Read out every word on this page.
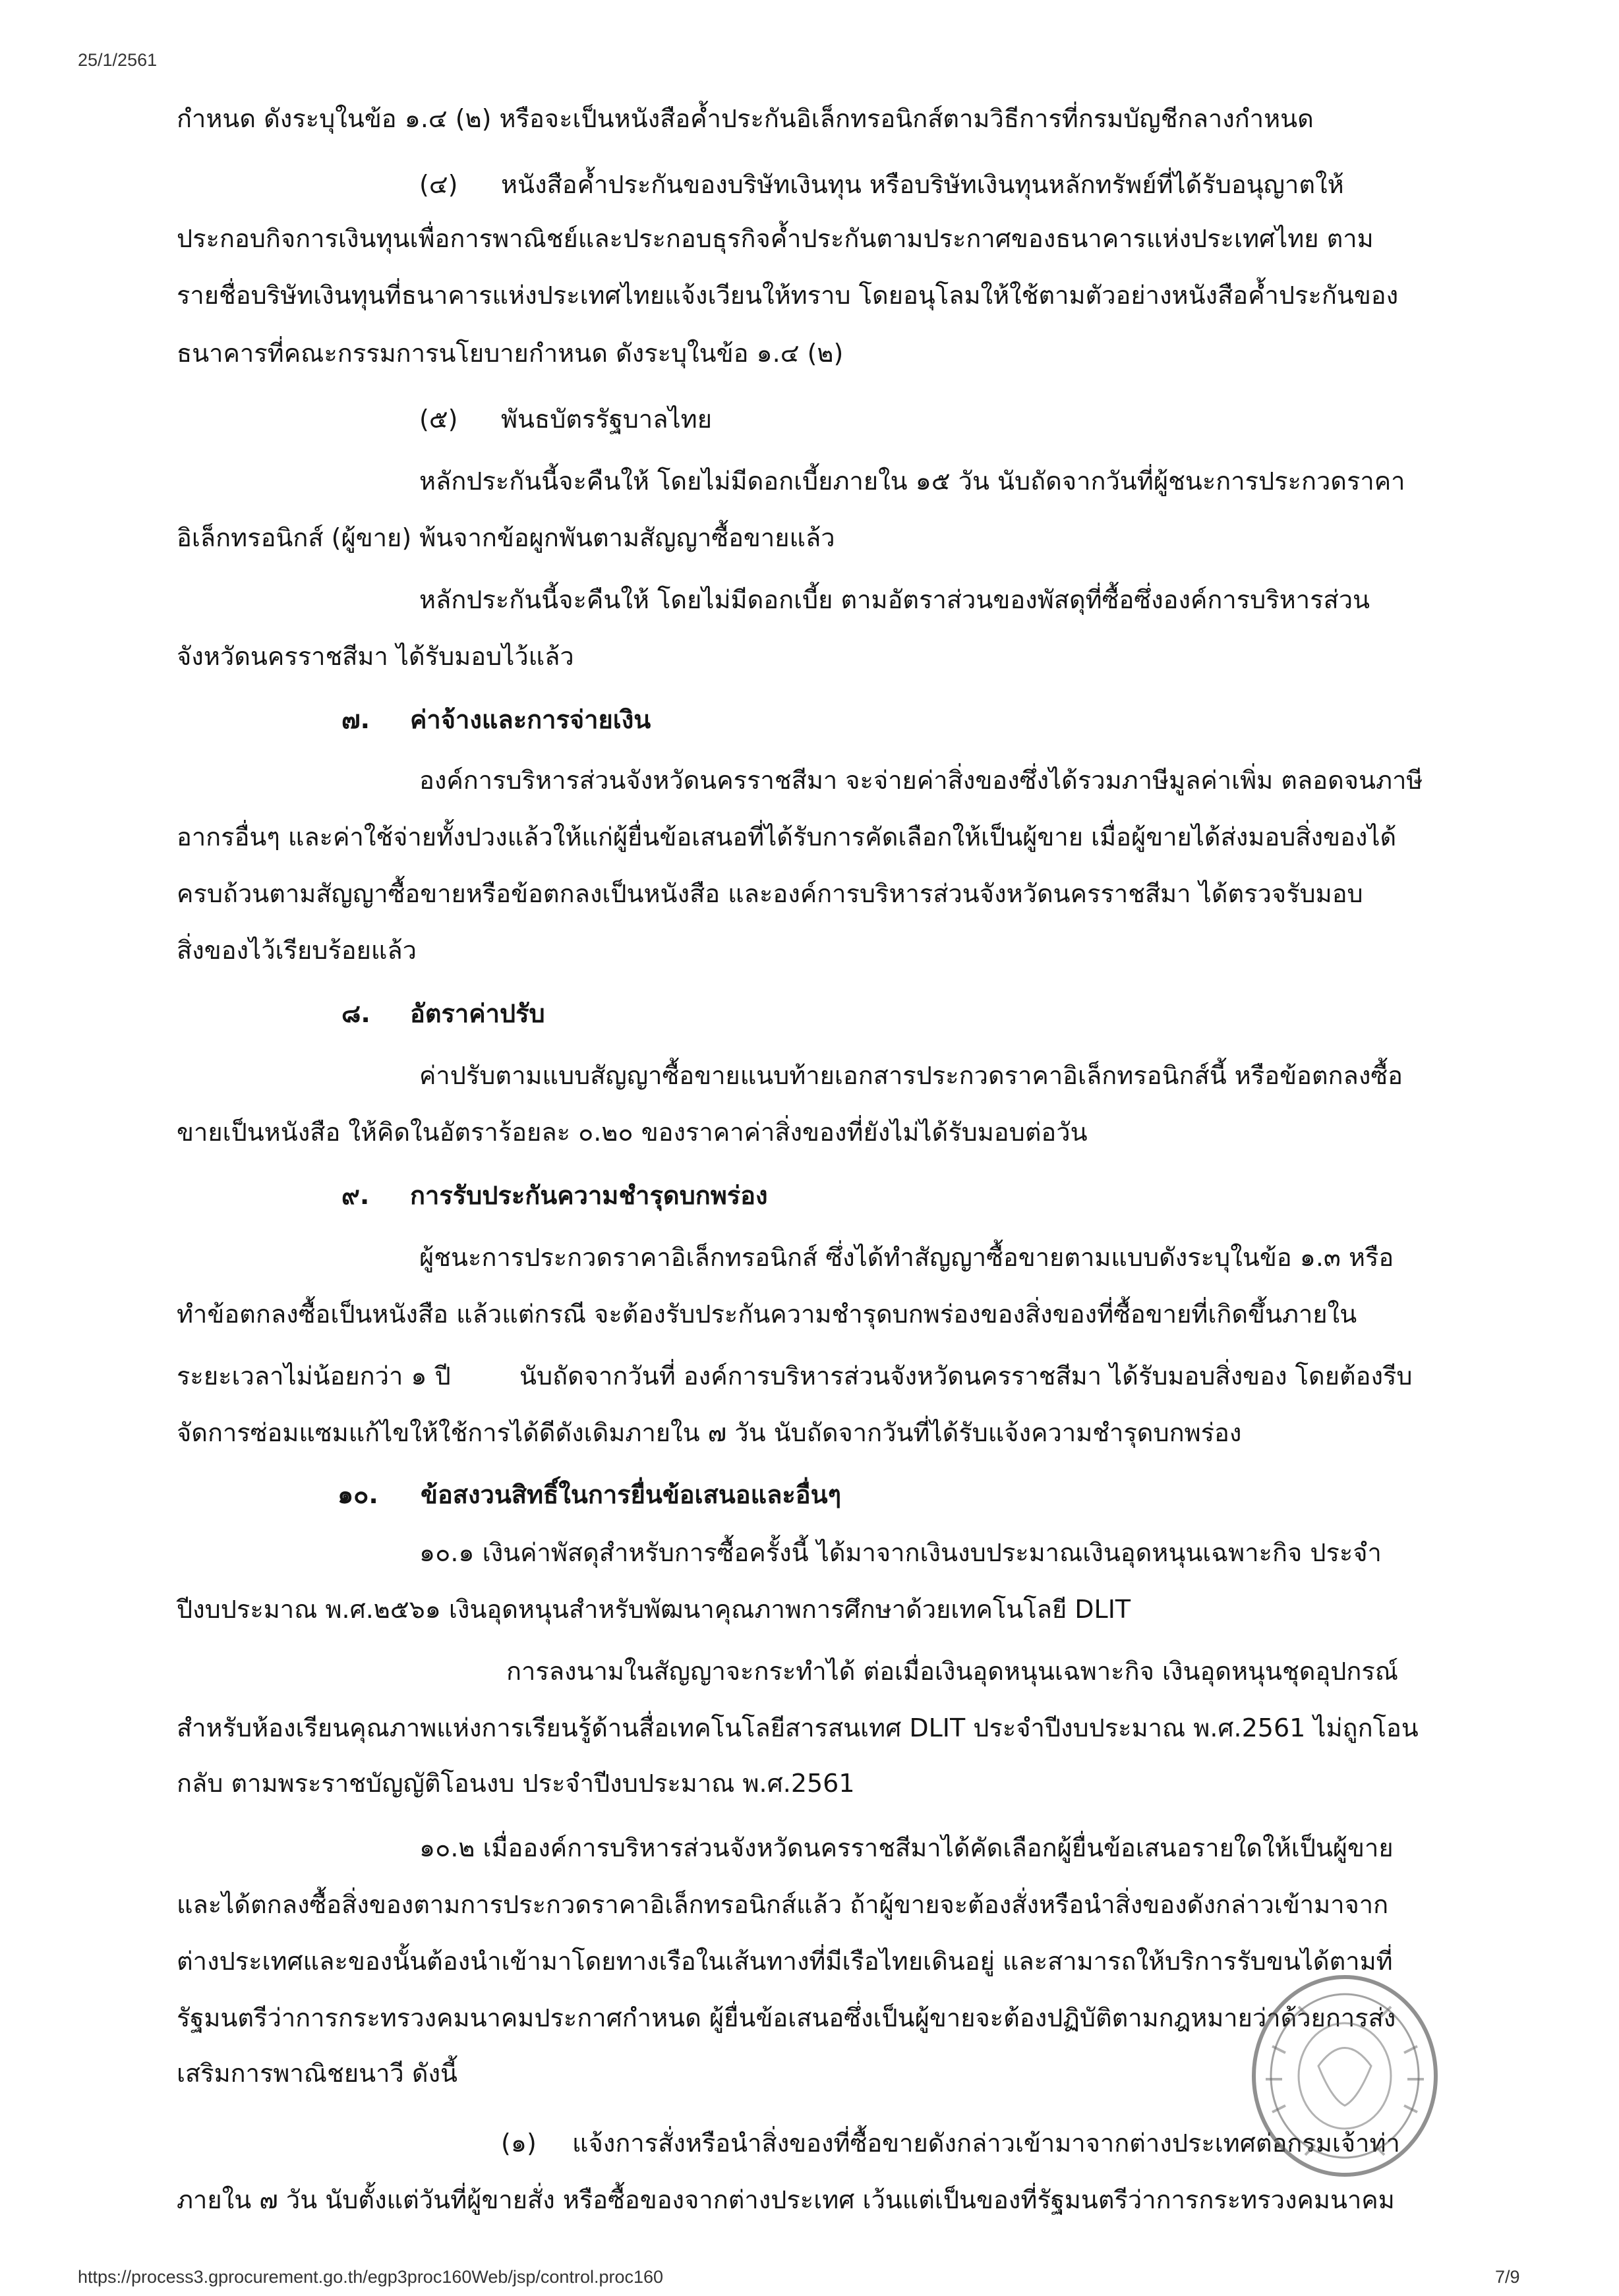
25/1/2561
https://process3.gprocurement.go.th/egp3proc160Web/jsp/control.proc160	7/9
กำหนด ดังระบุในข้อ ๑.๔ (๒) หรือจะเป็นหนังสือค้ำประกันอิเล็กทรอนิกส์ตามวิธีการที่กรมบัญชีกลางกำหนด
(๔) หนังสือค้ำประกันของบริษัทเงินทุน หรือบริษัทเงินทุนหลักทรัพย์ที่ได้รับอนุญาตให้
ประกอบกิจการเงินทุนเพื่อการพาณิชย์และประกอบธุรกิจค้ำประกันตามประกาศของธนาคารแห่งประเทศไทย ตาม
รายชื่อบริษัทเงินทุนที่ธนาคารแห่งประเทศไทยแจ้งเวียนให้ทราบ โดยอนุโลมให้ใช้ตามตัวอย่างหนังสือค้ำประกันของ
ธนาคารที่คณะกรรมการนโยบายกำหนด ดังระบุในข้อ ๑.๔ (๒)
(๕) พันธบัตรรัฐบาลไทย
หลักประกันนี้จะคืนให้ โดยไม่มีดอกเบี้ยภายใน ๑๕ วัน นับถัดจากวันที่ผู้ชนะการประกวดราคา
อิเล็กทรอนิกส์ (ผู้ขาย) พ้นจากข้อผูกพันตามสัญญาซื้อขายแล้ว
หลักประกันนี้จะคืนให้ โดยไม่มีดอกเบี้ย ตามอัตราส่วนของพัสดุที่ซื้อซึ่งองค์การบริหารส่วน
จังหวัดนครราชสีมา ได้รับมอบไว้แล้ว
๗. ค่าจ้างและการจ่ายเงิน
องค์การบริหารส่วนจังหวัดนครราชสีมา จะจ่ายค่าสิ่งของซึ่งได้รวมภาษีมูลค่าเพิ่ม ตลอดจนภาษี
อากรอื่นๆ และค่าใช้จ่ายทั้งปวงแล้วให้แก่ผู้ยื่นข้อเสนอที่ได้รับการคัดเลือกให้เป็นผู้ขาย เมื่อผู้ขายได้ส่งมอบสิ่งของได้
ครบถ้วนตามสัญญาซื้อขายหรือข้อตกลงเป็นหนังสือ และองค์การบริหารส่วนจังหวัดนครราชสีมา ได้ตรวจรับมอบ
สิ่งของไว้เรียบร้อยแล้ว
๘. อัตราค่าปรับ
ค่าปรับตามแบบสัญญาซื้อขายแนบท้ายเอกสารประกวดราคาอิเล็กทรอนิกส์นี้ หรือข้อตกลงซื้อ
ขายเป็นหนังสือ ให้คิดในอัตราร้อยละ ๐.๒๐ ของราคาค่าสิ่งของที่ยังไม่ได้รับมอบต่อวัน
๙. การรับประกันความชำรุดบกพร่อง
ผู้ชนะการประกวดราคาอิเล็กทรอนิกส์ ซึ่งได้ทำสัญญาซื้อขายตามแบบดังระบุในข้อ ๑.๓ หรือ
ทำข้อตกลงซื้อเป็นหนังสือ แล้วแต่กรณี จะต้องรับประกันความชำรุดบกพร่องของสิ่งของที่ซื้อขายที่เกิดขึ้นภายใน
ระยะเวลาไม่น้อยกว่า ๑ ปี	นับถัดจากวันที่ องค์การบริหารส่วนจังหวัดนครราชสีมา ได้รับมอบสิ่งของ โดยต้องรีบ
จัดการซ่อมแซมแก้ไขให้ใช้การได้ดีดังเดิมภายใน ๗ วัน นับถัดจากวันที่ได้รับแจ้งความชำรุดบกพร่อง
๑๐. ข้อสงวนสิทธิ์ในการยื่นข้อเสนอและอื่นๆ
๑๐.๑ เงินค่าพัสดุสำหรับการซื้อครั้งนี้ ได้มาจากเงินงบประมาณเงินอุดหนุนเฉพาะกิจ ประจำ
ปีงบประมาณ พ.ศ.๒๕๖๑ เงินอุดหนุนสำหรับพัฒนาคุณภาพการศึกษาด้วยเทคโนโลยี DLIT
การลงนามในสัญญาจะกระทำได้ ต่อเมื่อเงินอุดหนุนเฉพาะกิจ เงินอุดหนุนชุดอุปกรณ์
สำหรับห้องเรียนคุณภาพแห่งการเรียนรู้ด้านสื่อเทคโนโลยีสารสนเทศ DLIT ประจำปีงบประมาณ พ.ศ.2561 ไม่ถูกโอน
กลับ ตามพระราชบัญญัติโอนงบ ประจำปีงบประมาณ พ.ศ.2561
๑๐.๒ เมื่อองค์การบริหารส่วนจังหวัดนครราชสีมาได้คัดเลือกผู้ยื่นข้อเสนอรายใดให้เป็นผู้ขาย
และได้ตกลงซื้อสิ่งของตามการประกวดราคาอิเล็กทรอนิกส์แล้ว ถ้าผู้ขายจะต้องสั่งหรือนำสิ่งของดังกล่าวเข้ามาจาก
ต่างประเทศและของนั้นต้องนำเข้ามาโดยทางเรือในเส้นทางที่มีเรือไทยเดินอยู่ และสามารถให้บริการรับขนได้ตามที่
รัฐมนตรีว่าการกระทรวงคมนาคมประกาศกำหนด ผู้ยื่นข้อเสนอซึ่งเป็นผู้ขายจะต้องปฏิบัติตามกฎหมายว่าด้วยการส่ง
เสริมการพาณิชยนาวี ดังนี้
(๑) แจ้งการสั่งหรือนำสิ่งของที่ซื้อขายดังกล่าวเข้ามาจากต่างประเทศต่อกรมเจ้าท่า
ภายใน ๗ วัน นับตั้งแต่วันที่ผู้ขายสั่ง หรือซื้อของจากต่างประเทศ เว้นแต่เป็นของที่รัฐมนตรีว่าการกระทรวงคมนาคม
